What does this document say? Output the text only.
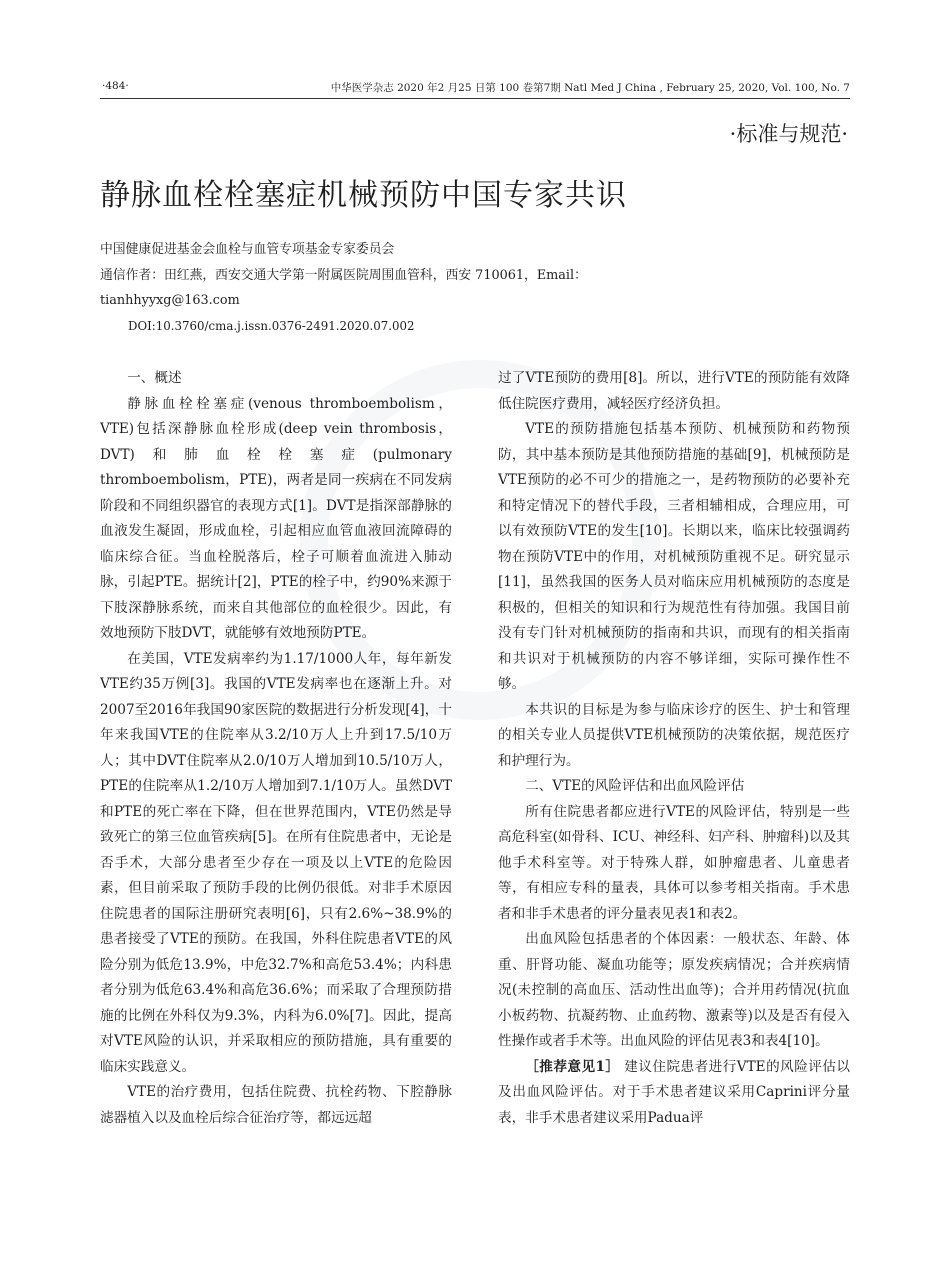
·484·	中华医学杂志 2020 年2 月25 日第 100 卷第7期 Natl Med J China , February 25, 2020, Vol. 100, No. 7
·标准与规范·
静脉血栓栓塞症机械预防中国专家共识
中国健康促进基金会血栓与血管专项基金专家委员会
通信作者：田红燕，西安交通大学第一附属医院周围血管科，西安 710061，Email：
tianhhyyxg@163.com
DOI:10.3760/cma.j.issn.0376-2491.2020.07.002

一、概述

静脉血栓栓塞症(venous thromboembolism，VTE)包括深静脉血栓形成(deep vein thrombosis，DVT)和肺血栓栓塞症(pulmonary thromboembolism，PTE)，两者是同一疾病在不同发病阶段和不同组织器官的表现方式[1]。DVT是指深部静脉的血液发生凝固，形成血栓，引起相应血管血液回流障碍的临床综合征。当血栓脱落后，栓子可顺着血流进入肺动脉，引起PTE。据统计[2]，PTE的栓子中，约90%来源于下肢深静脉系统，而来自其他部位的血栓很少。因此，有效地预防下肢DVT，就能够有效地预防PTE。

在美国，VTE发病率约为1.17/1000人年，每年新发VTE约35万例[3]。我国的VTE发病率也在逐渐上升。对2007至2016年我国90家医院的数据进行分析发现[4]，十年来我国VTE的住院率从3.2/10万人上升到17.5/10万人；其中DVT住院率从2.0/10万人增加到10.5/10万人，PTE的住院率从1.2/10万人增加到7.1/10万人。虽然DVT和PTE的死亡率在下降，但在世界范围内，VTE仍然是导致死亡的第三位血管疾病[5]。在所有住院患者中，无论是否手术，大部分患者至少存在一项及以上VTE的危险因素，但目前采取了预防手段的比例仍很低。对非手术原因住院患者的国际注册研究表明[6]，只有2.6%~38.9%的患者接受了VTE的预防。在我国，外科住院患者VTE的风险分别为低危13.9%，中危32.7%和高危53.4%；内科患者分别为低危63.4%和高危36.6%；而采取了合理预防措施的比例在外科仅为9.3%，内科为6.0%[7]。因此，提高对VTE风险的认识，并采取相应的预防措施，具有重要的临床实践意义。

VTE的治疗费用，包括住院费、抗栓药物、下腔静脉滤器植入以及血栓后综合征治疗等，都远远超

过了VTE预防的费用[8]。所以，进行VTE的预防能有效降低住院医疗费用，减轻医疗经济负担。

VTE的预防措施包括基本预防、机械预防和药物预防，其中基本预防是其他预防措施的基础[9]，机械预防是VTE预防的必不可少的措施之一，是药物预防的必要补充和特定情况下的替代手段，三者相辅相成，合理应用，可以有效预防VTE的发生[10]。长期以来，临床比较强调药物在预防VTE中的作用，对机械预防重视不足。研究显示[11]，虽然我国的医务人员对临床应用机械预防的态度是积极的，但相关的知识和行为规范性有待加强。我国目前没有专门针对机械预防的指南和共识，而现有的相关指南和共识对于机械预防的内容不够详细，实际可操作性不够。

本共识的目标是为参与临床诊疗的医生、护士和管理的相关专业人员提供VTE机械预防的决策依据，规范医疗和护理行为。

二、VTE的风险评估和出血风险评估

所有住院患者都应进行VTE的风险评估，特别是一些高危科室(如骨科、ICU、神经科、妇产科、肿瘤科)以及其他手术科室等。对于特殊人群，如肿瘤患者、儿童患者等，有相应专科的量表，具体可以参考相关指南。手术患者和非手术患者的评分量表见表1和表2。

出血风险包括患者的个体因素：一般状态、年龄、体重、肝肾功能、凝血功能等；原发疾病情况；合并疾病情况(未控制的高血压、活动性出血等)；合并用药情况(抗血小板药物、抗凝药物、止血药物、激素等)以及是否有侵入性操作或者手术等。出血风险的评估见表3和表4[10]。

［推荐意见1］ 建议住院患者进行VTE的风险评估以及出血风险评估。对于手术患者建议采用Caprini评分量表，非手术患者建议采用Padua评
